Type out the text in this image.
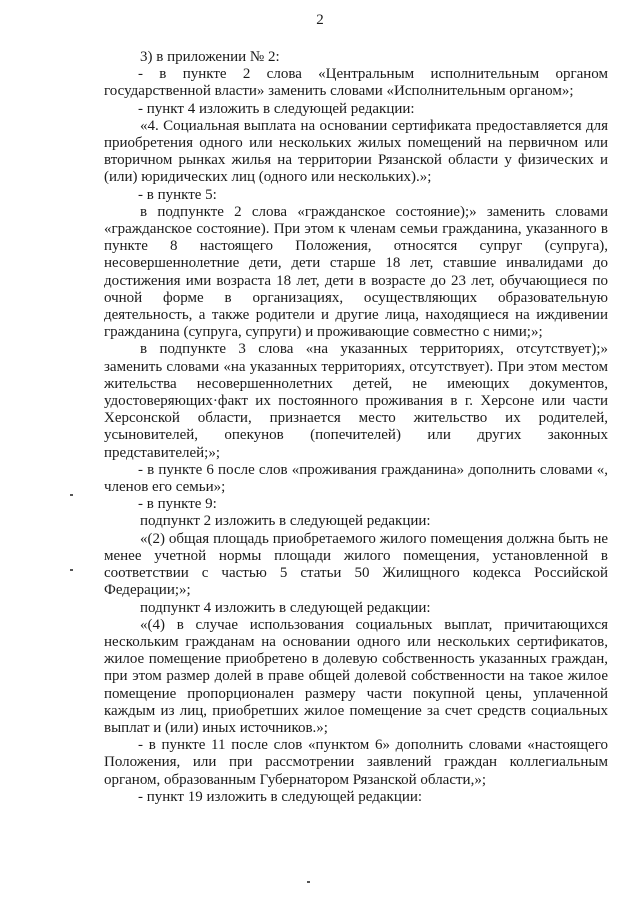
2

3) в приложении № 2:

- в пункте 2 слова «Центральным исполнительным органом государственной власти» заменить словами «Исполнительным органом»;

- пункт 4 изложить в следующей редакции:

«4. Социальная выплата на основании сертификата предоставляется для приобретения одного или нескольких жилых помещений на первичном или вторичном рынках жилья на территории Рязанской области у физических и (или) юридических лиц (одного или нескольких).»;

- в пункте 5:

в подпункте 2 слова «гражданское состояние);» заменить словами «гражданское состояние). При этом к членам семьи гражданина, указанного в пункте 8 настоящего Положения, относятся супруг (супруга), несовершеннолетние дети, дети старше 18 лет, ставшие инвалидами до достижения ими возраста 18 лет, дети в возрасте до 23 лет, обучающиеся по очной форме в организациях, осуществляющих образовательную деятельность, а также родители и другие лица, находящиеся на иждивении гражданина (супруга, супруги) и проживающие совместно с ними;»;

в подпункте 3 слова «на указанных территориях, отсутствует);» заменить словами «на указанных территориях, отсутствует). При этом местом жительства несовершеннолетних детей, не имеющих документов, удостоверяющих·факт их постоянного проживания в г. Херсоне или части Херсонской области, признается место жительство их родителей, усыновителей, опекунов (попечителей) или других законных представителей;»;

- в пункте 6 после слов «проживания гражданина» дополнить словами «, членов его семьи»;

- в пункте 9:

подпункт 2 изложить в следующей редакции:

«(2) общая площадь приобретаемого жилого помещения должна быть не менее учетной нормы площади жилого помещения, установленной в соответствии с частью 5 статьи 50 Жилищного кодекса Российской Федерации;»;

подпункт 4 изложить в следующей редакции:

«(4) в случае использования социальных выплат, причитающихся нескольким гражданам на основании одного или нескольких сертификатов, жилое помещение приобретено в долевую собственность указанных граждан, при этом размер долей в праве общей долевой собственности на такое жилое помещение пропорционален размеру части покупной цены, уплаченной каждым из лиц, приобретших жилое помещение за счет средств социальных выплат и (или) иных источников.»;

- в пункте 11 после слов «пунктом 6» дополнить словами «настоящего Положения, или при рассмотрении заявлений граждан коллегиальным органом, образованным Губернатором Рязанской области,»;

- пункт 19 изложить в следующей редакции:
